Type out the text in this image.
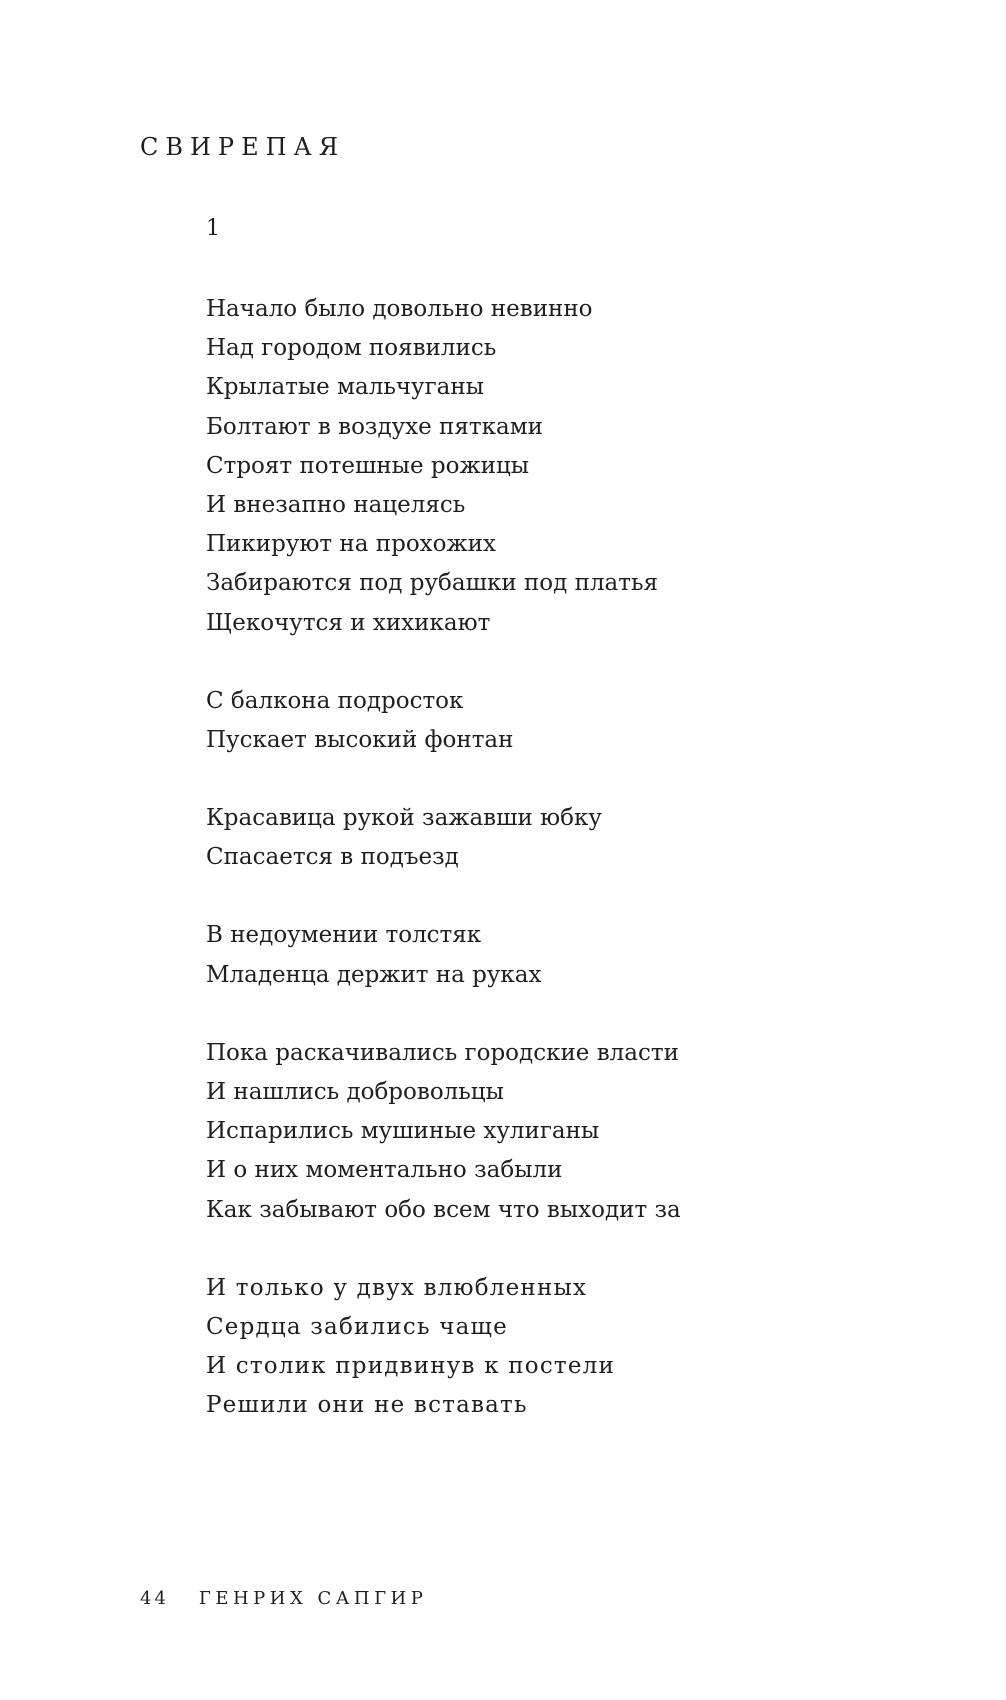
СВИРЕПАЯ
1
Начало было довольно невинно
Над городом появились
Крылатые мальчуганы
Болтают в воздухе пятками
Строят потешные рожицы
И внезапно нацелясь
Пикируют на прохожих
Забираются под рубашки под платья
Щекочутся и хихикают
С балкона подросток
Пускает высокий фонтан
Красавица рукой зажавши юбку
Спасается в подъезд
В недоумении толстяк
Младенца держит на руках
Пока раскачивались городские власти
И нашлись добровольцы
Испарились мушиные хулиганы
И о них моментально забыли
Как забывают обо всем что выходит за
И только у двух влюбленных
Сердца забились чаще
И столик придвинув к постели
Решили они не вставать
44 ГЕНРИХ САПГИР
